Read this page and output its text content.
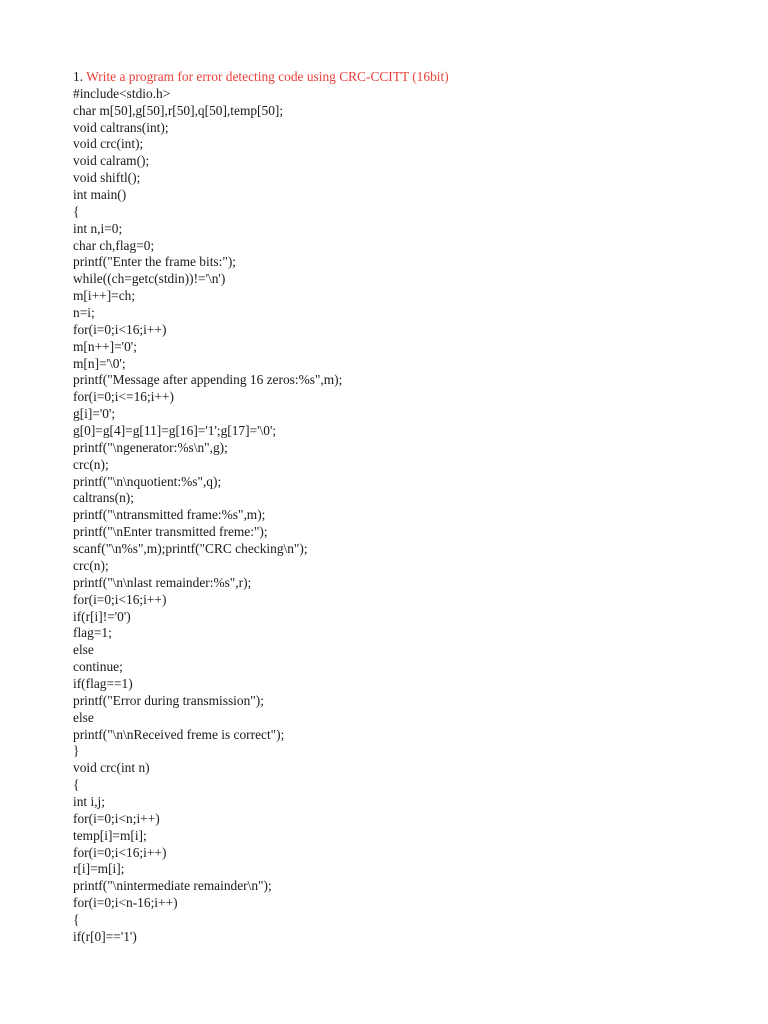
1. Write a program for error detecting code using CRC-CCITT (16bit)
#include<stdio.h>
char m[50],g[50],r[50],q[50],temp[50];
void caltrans(int);
void crc(int);
void calram();
void shiftl();
int main()
{
int n,i=0;
char ch,flag=0;
printf("Enter the frame bits:");
while((ch=getc(stdin))!='\n')
m[i++]=ch;
n=i;
for(i=0;i<16;i++)
m[n++]='0';
m[n]='\0';
printf("Message after appending 16 zeros:%s",m);
for(i=0;i<=16;i++)
g[i]='0';
g[0]=g[4]=g[11]=g[16]='1';g[17]='\0';
printf("\ngenerator:%s\n",g);
crc(n);
printf("\n\nquotient:%s",q);
caltrans(n);
printf("\ntransmitted frame:%s",m);
printf("\nEnter transmitted freme:");
scanf("\n%s",m);printf("CRC checking\n");
crc(n);
printf("\n\nlast remainder:%s",r);
for(i=0;i<16;i++)
if(r[i]!='0')
flag=1;
else
continue;
if(flag==1)
printf("Error during transmission");
else
printf("\n\nReceived freme is correct");
}
void crc(int n)
{
int i,j;
for(i=0;i<n;i++)
temp[i]=m[i];
for(i=0;i<16;i++)
r[i]=m[i];
printf("\nintermediate remainder\n");
for(i=0;i<n-16;i++)
{
if(r[0]=='1')
